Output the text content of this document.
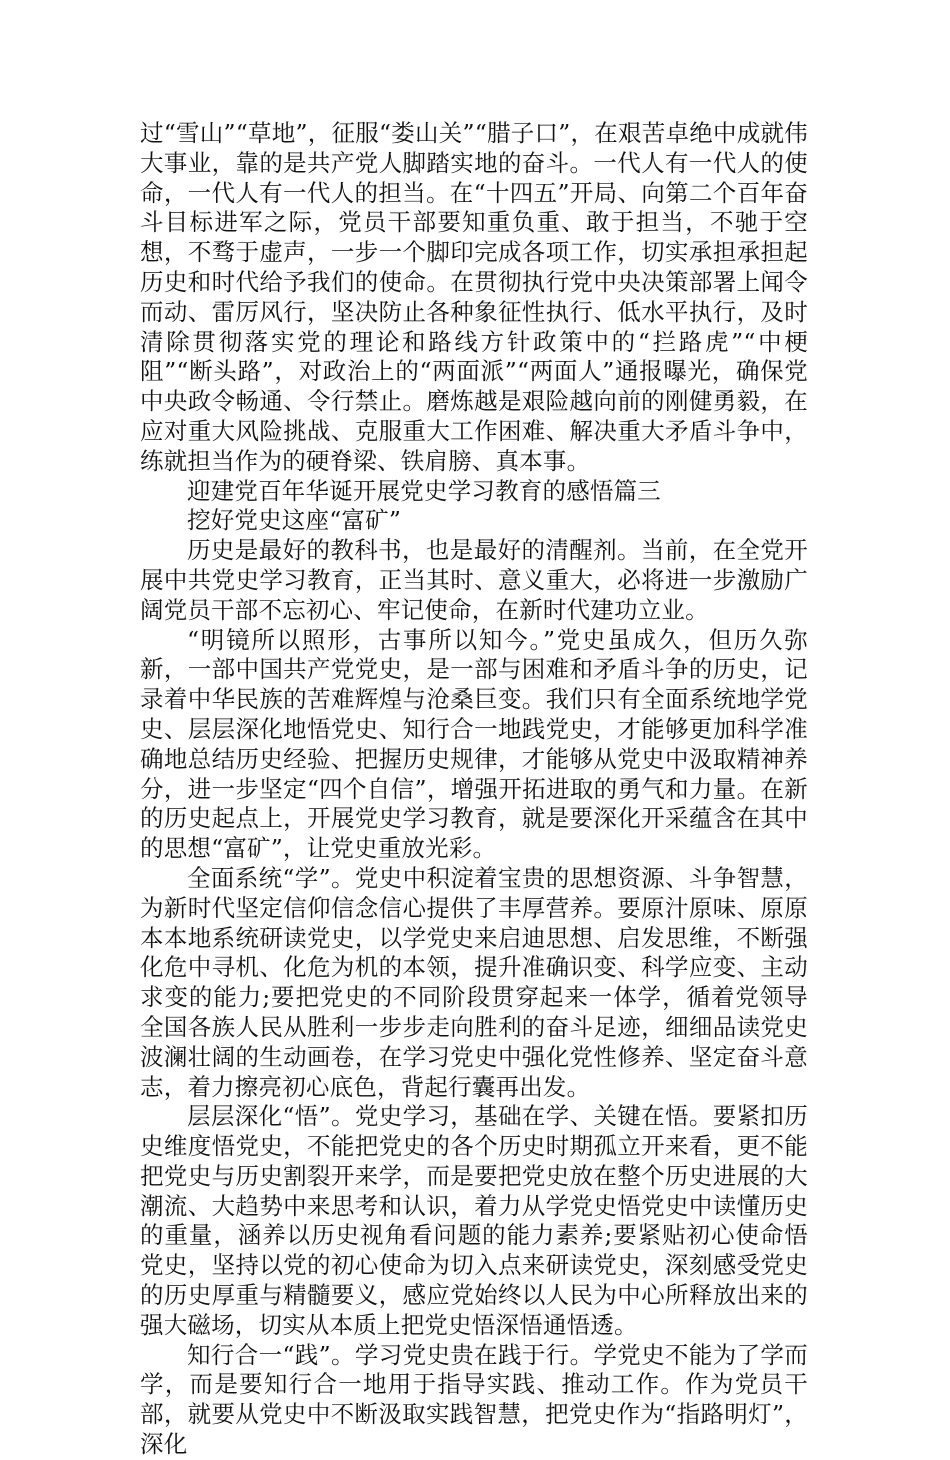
过“雪山”“草地”，征服“娄山关”“腊子口”，在艰苦卓绝中成就伟大事业，靠的是共产党人脚踏实地的奋斗。一代人有一代人的使命，一代人有一代人的担当。在“十四五”开局、向第二个百年奋斗目标进军之际，党员干部要知重负重、敢于担当，不驰于空想，不骛于虚声，一步一个脚印完成各项工作，切实承担承担起历史和时代给予我们的使命。在贯彻执行党中央决策部署上闻令而动、雷厉风行，坚决防止各种象征性执行、低水平执行，及时清除贯彻落实党的理论和路线方针政策中的“拦路虎”“中梗阻”“断头路”，对政治上的“两面派”“两面人”通报曝光，确保党中央政令畅通、令行禁止。磨炼越是艰险越向前的刚健勇毅，在应对重大风险挑战、克服重大工作困难、解决重大矛盾斗争中，练就担当作为的硬脊梁、铁肩膀、真本事。

迎建党百年华诞开展党史学习教育的感悟篇三

挖好党史这座“富矿”

历史是最好的教科书，也是最好的清醒剂。当前，在全党开展中共党史学习教育，正当其时、意义重大，必将进一步激励广阔党员干部不忘初心、牢记使命，在新时代建功立业。

“明镜所以照形，古事所以知今。”党史虽成久，但历久弥新，一部中国共产党党史，是一部与困难和矛盾斗争的历史，记录着中华民族的苦难辉煌与沧桑巨变。我们只有全面系统地学党史、层层深化地悟党史、知行合一地践党史，才能够更加科学准确地总结历史经验、把握历史规律，才能够从党史中汲取精神养分，进一步坚定“四个自信”，增强开拓进取的勇气和力量。在新的历史起点上，开展党史学习教育，就是要深化开采蕴含在其中的思想“富矿”，让党史重放光彩。

全面系统“学”。党史中积淀着宝贵的思想资源、斗争智慧，为新时代坚定信仰信念信心提供了丰厚营养。要原汁原味、原原本本地系统研读党史，以学党史来启迪思想、启发思维，不断强化危中寻机、化危为机的本领，提升准确识变、科学应变、主动求变的能力;要把党史的不同阶段贯穿起来一体学，循着党领导全国各族人民从胜利一步步走向胜利的奋斗足迹，细细品读党史波澜壮阔的生动画卷，在学习党史中强化党性修养、坚定奋斗意志，着力擦亮初心底色，背起行囊再出发。

层层深化“悟”。党史学习，基础在学、关键在悟。要紧扣历史维度悟党史，不能把党史的各个历史时期孤立开来看，更不能把党史与历史割裂开来学，而是要把党史放在整个历史进展的大潮流、大趋势中来思考和认识，着力从学党史悟党史中读懂历史的重量，涵养以历史视角看问题的能力素养;要紧贴初心使命悟党史，坚持以党的初心使命为切入点来研读党史，深刻感受党史的历史厚重与精髓要义，感应党始终以人民为中心所释放出来的强大磁场，切实从本质上把党史悟深悟通悟透。

知行合一“践”。学习党史贵在践于行。学党史不能为了学而学，而是要知行合一地用于指导实践、推动工作。作为党员干部，就要从党史中不断汲取实践智慧，把党史作为“指路明灯”，深化
